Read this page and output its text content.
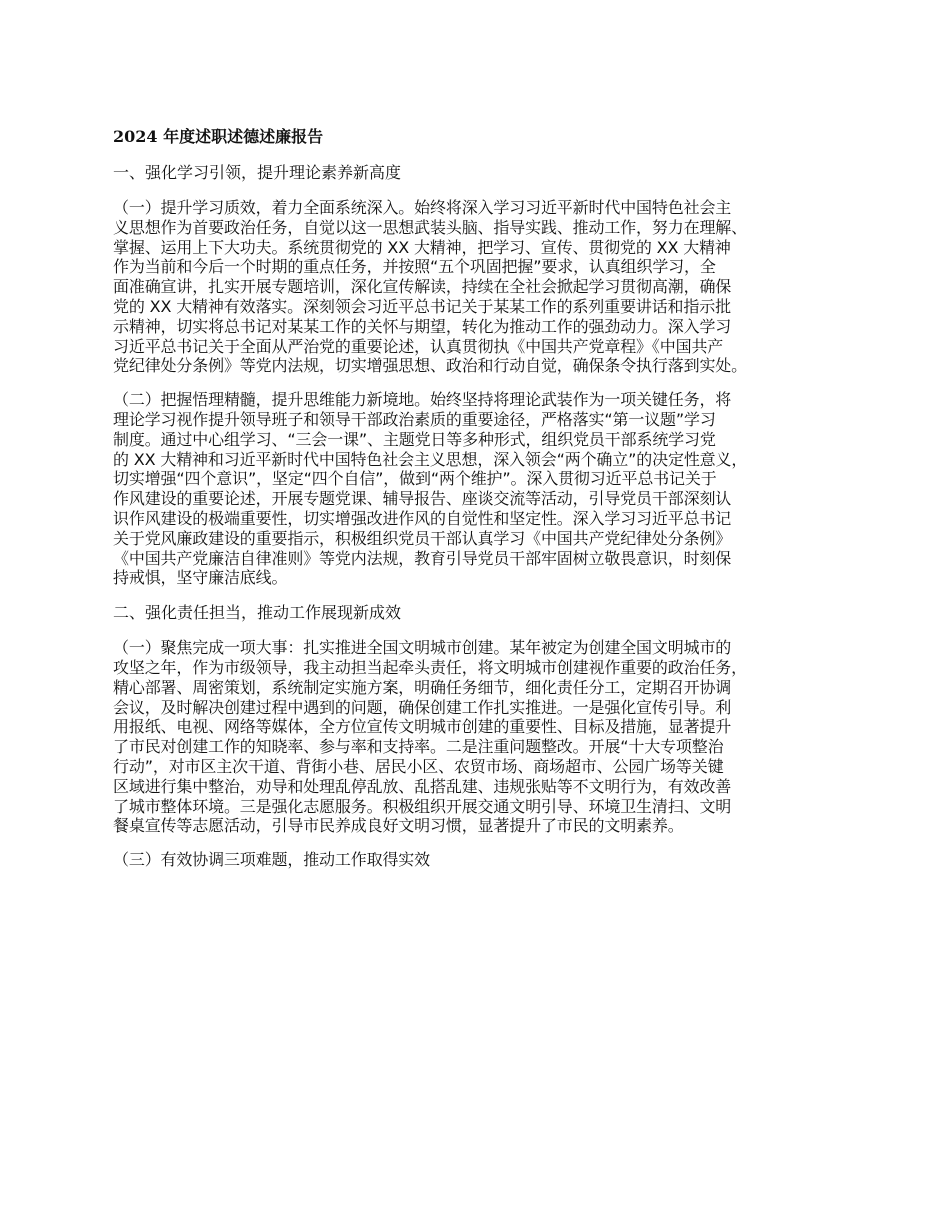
2024 年度述职述德述廉报告
一、强化学习引领，提升理论素养新高度
（一）提升学习质效，着力全面系统深入。始终将深入学习习近平新时代中国特色社会主
义思想作为首要政治任务，自觉以这一思想武装头脑、指导实践、推动工作，努力在理解、
掌握、运用上下大功夫。系统贯彻党的 XX 大精神，把学习、宣传、贯彻党的 XX 大精神
作为当前和今后一个时期的重点任务，并按照“五个巩固把握”要求，认真组织学习，全
面准确宣讲，扎实开展专题培训，深化宣传解读，持续在全社会掀起学习贯彻高潮，确保
党的 XX 大精神有效落实。深刻领会习近平总书记关于某某工作的系列重要讲话和指示批
示精神，切实将总书记对某某工作的关怀与期望，转化为推动工作的强劲动力。深入学习
习近平总书记关于全面从严治党的重要论述，认真贯彻执《中国共产党章程》《中国共产
党纪律处分条例》等党内法规，切实增强思想、政治和行动自觉，确保条令执行落到实处。
（二）把握悟理精髓，提升思维能力新境地。始终坚持将理论武装作为一项关键任务，将
理论学习视作提升领导班子和领导干部政治素质的重要途径，严格落实“第一议题”学习
制度。通过中心组学习、“三会一课”、主题党日等多种形式，组织党员干部系统学习党
的 XX 大精神和习近平新时代中国特色社会主义思想，深入领会“两个确立”的决定性意义，
切实增强“四个意识”，坚定“四个自信”，做到“两个维护”。深入贯彻习近平总书记关于
作风建设的重要论述，开展专题党课、辅导报告、座谈交流等活动，引导党员干部深刻认
识作风建设的极端重要性，切实增强改进作风的自觉性和坚定性。深入学习习近平总书记
关于党风廉政建设的重要指示，积极组织党员干部认真学习《中国共产党纪律处分条例》
《中国共产党廉洁自律准则》等党内法规，教育引导党员干部牢固树立敬畏意识，时刻保
持戒惧，坚守廉洁底线。
二、强化责任担当，推动工作展现新成效
（一）聚焦完成一项大事：扎实推进全国文明城市创建。某年被定为创建全国文明城市的
攻坚之年，作为市级领导，我主动担当起牵头责任，将文明城市创建视作重要的政治任务，
精心部署、周密策划，系统制定实施方案，明确任务细节，细化责任分工，定期召开协调
会议，及时解决创建过程中遇到的问题，确保创建工作扎实推进。一是强化宣传引导。利
用报纸、电视、网络等媒体，全方位宣传文明城市创建的重要性、目标及措施，显著提升
了市民对创建工作的知晓率、参与率和支持率。二是注重问题整改。开展“十大专项整治
行动”，对市区主次干道、背街小巷、居民小区、农贸市场、商场超市、公园广场等关键
区域进行集中整治，劝导和处理乱停乱放、乱搭乱建、违规张贴等不文明行为，有效改善
了城市整体环境。三是强化志愿服务。积极组织开展交通文明引导、环境卫生清扫、文明
餐桌宣传等志愿活动，引导市民养成良好文明习惯，显著提升了市民的文明素养。
（三）有效协调三项难题，推动工作取得实效
